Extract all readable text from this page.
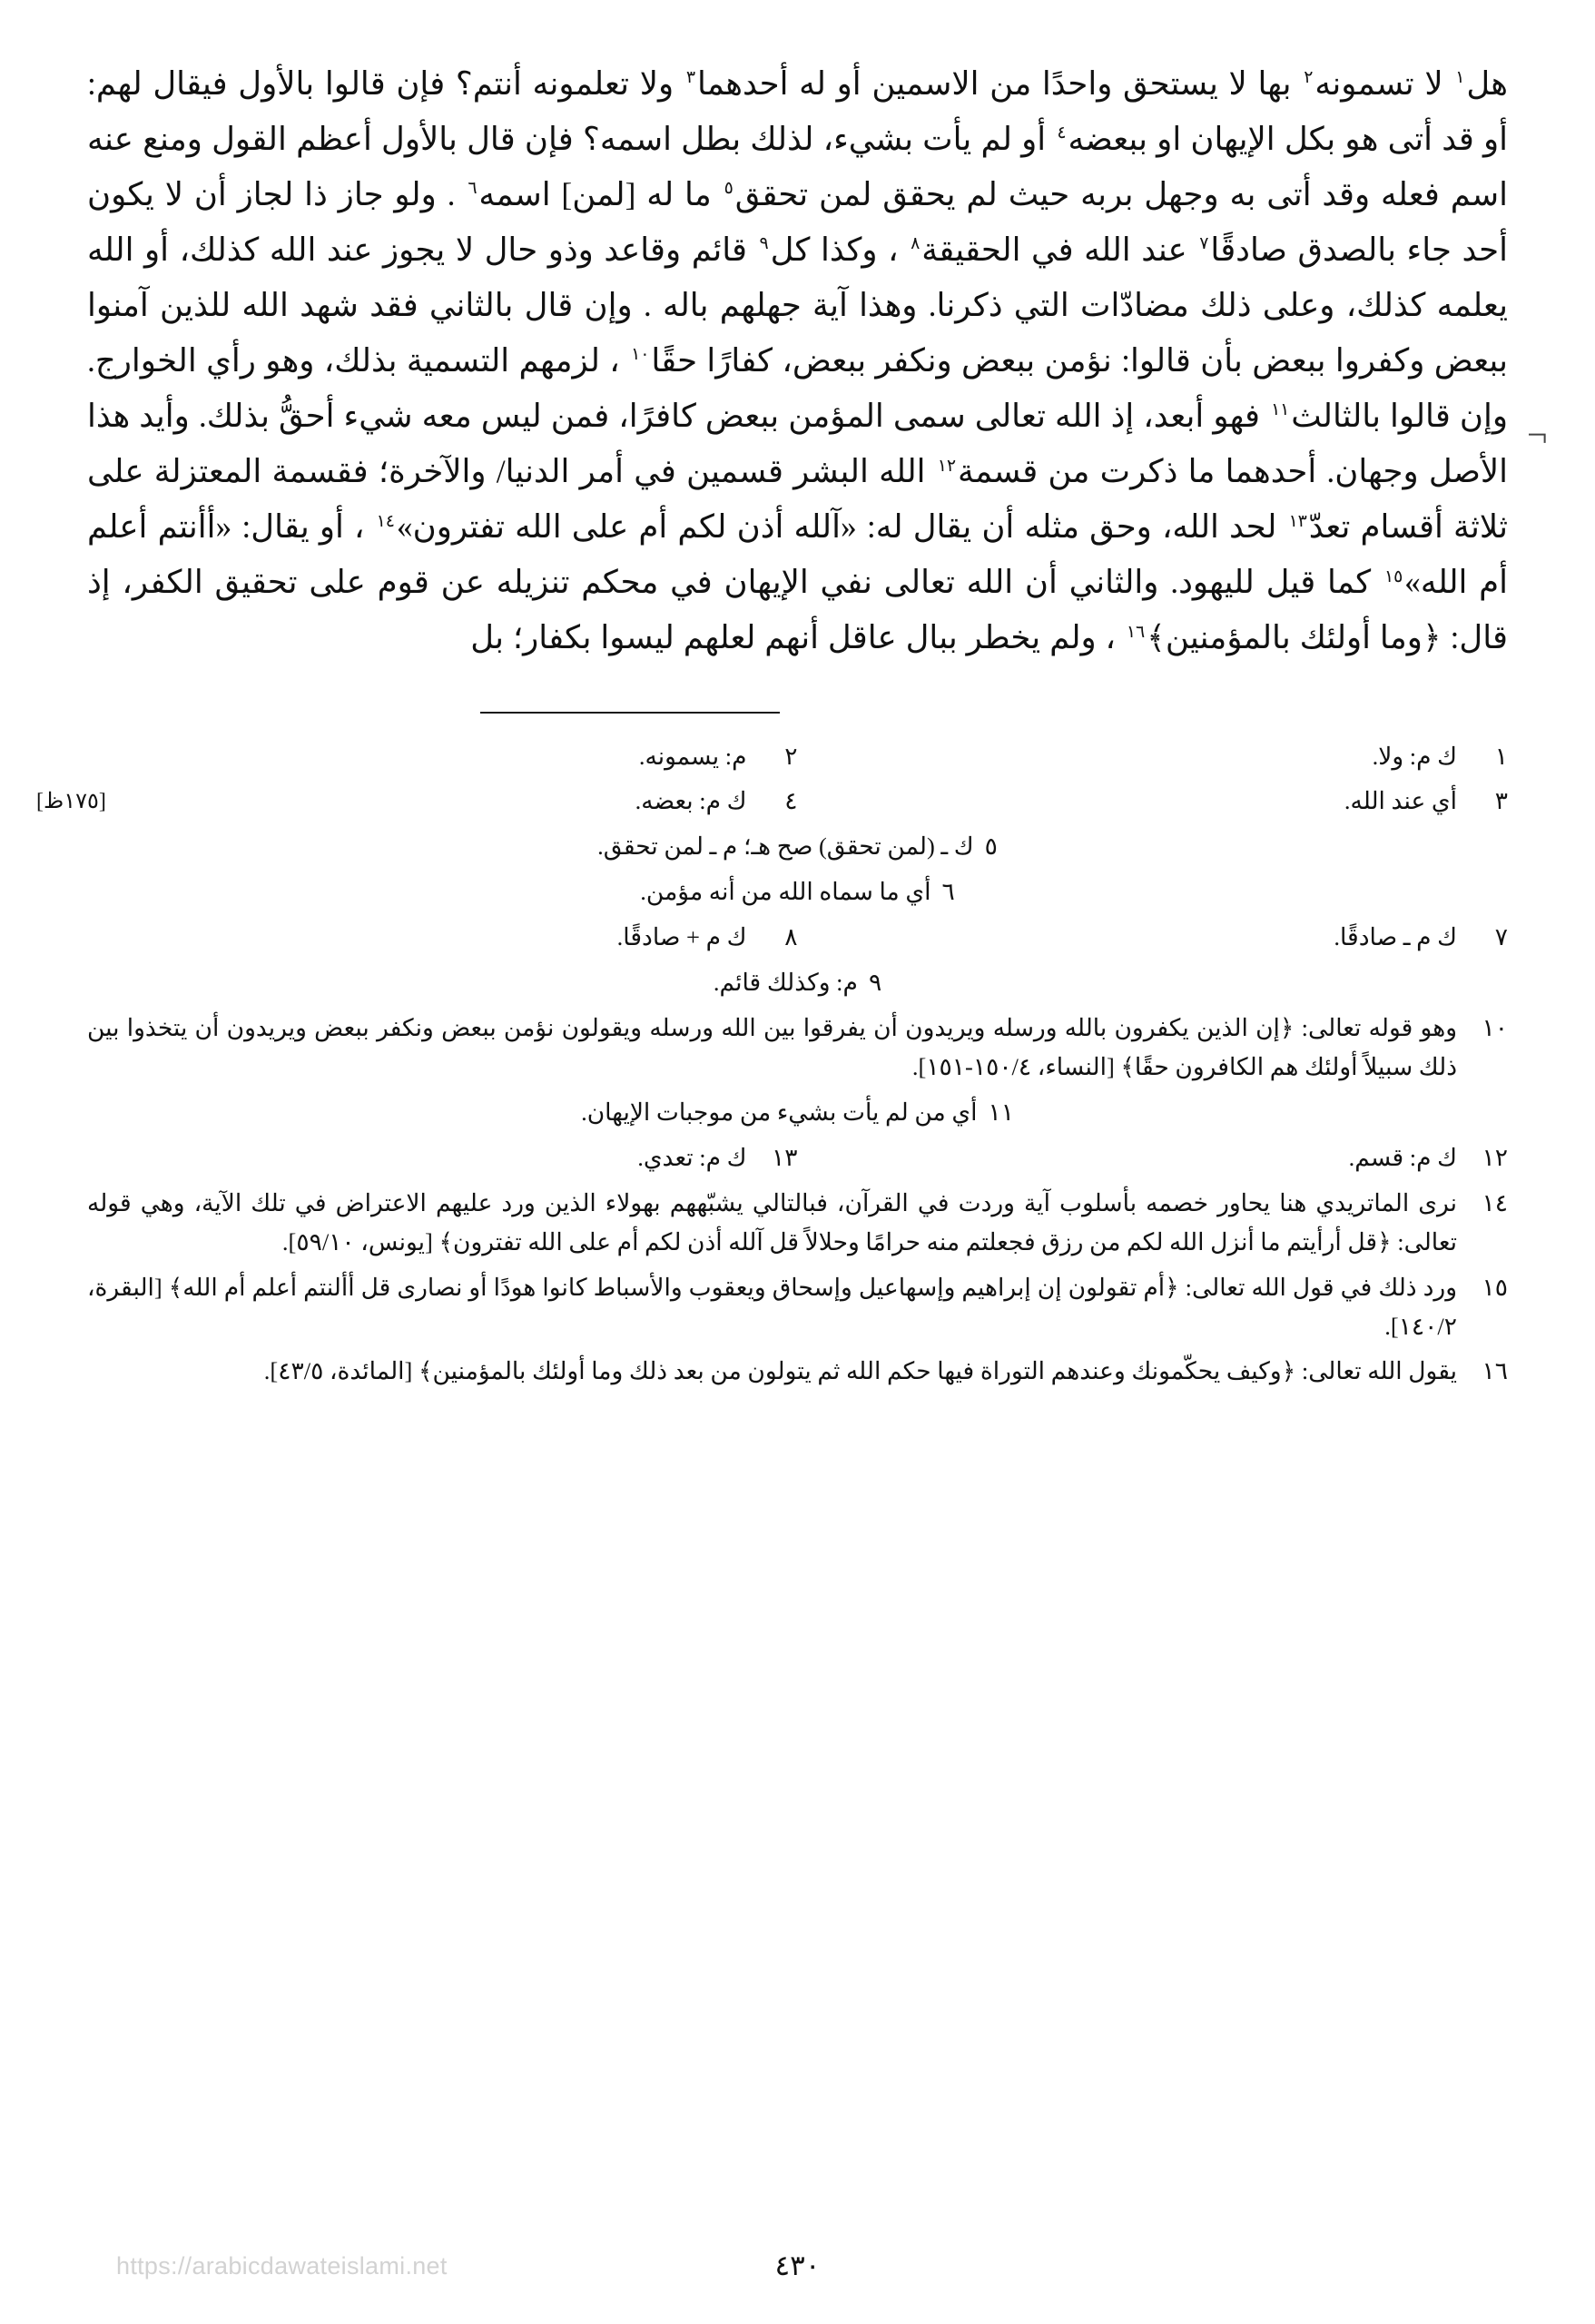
⌐
[١٧٥ظ]

هل$^١$ لا تسمونه$^٢$ بها لا يستحق واحدًا من الاسمين أو له أحدهما$^٣$ ولا تعلمونه أنتم؟ فإن قالوا بالأول فيقال لهم: أو قد أتى هو بكل الإيهان او ببعضه$^٤$ أو لم يأت بشيء، لذلك بطل اسمه؟ فإن قال بالأول أعظم القول ومنع عنه اسم فعله وقد أتى به وجهل بربه حيث لم يحقق لمن تحقق$^٥$ ما له [لمن] اسمه$^٦$ . ولو جاز ذا لجاز أن لا يكون أحد جاء بالصدق صادقًا$^٧$ عند الله في الحقيقة$^٨$ ، وكذا كل$^٩$ قائم وقاعد وذو حال لا يجوز عند الله كذلك، أو الله يعلمه كذلك، وعلى ذلك مضادّات التي ذكرنا. وهذا آية جهلهم باله . وإن قال بالثاني فقد شهد الله للذين آمنوا ببعض وكفروا ببعض بأن قالوا: نؤمن ببعض ونكفر ببعض، كفارًا حقًا$^{١٠}$ ، لزمهم التسمية بذلك، وهو رأي الخوارج. وإن قالوا بالثالث$^{١١}$ فهو أبعد، إذ الله تعالى سمى المؤمن ببعض كافرًا، فمن ليس معه شيء أحقُّ بذلك. وأيد هذا الأصل وجهان. أحدهما ما ذكرت من قسمة$^{١٢}$ الله البشر قسمين في أمر الدنيا/ والآخرة؛ فقسمة المعتزلة على ثلاثة أقسام تعدّ$^{١٣}$ لحد الله، وحق مثله أن يقال له: «آلله أذن لكم أم على الله تفترون»$^{١٤}$ ، أو يقال: «أأنتم أعلم أم الله»$^{١٥}$ كما قيل لليهود. والثاني أن الله تعالى نفي الإيهان في محكم تنزيله عن قوم على تحقيق الكفر، إذ قال: ﴿وما أولئك بالمؤمنين﴾$^{١٦}$ ، ولم يخطر ببال عاقل أنهم لعلهم ليسوا بكفار؛ بل

١
ك م: ولا.
٢
م: يسمونه.
٣
أي عند الله.
٤
ك م: بعضه.
٥ك ـ (لمن تحقق) صح هـ؛ م ـ لمن تحقق.
٦أي ما سماه الله من أنه مؤمن.
٧
ك م ـ صادقًا.
٨
ك م + صادقًا.
٩م: وكذلك قائم.
١٠
وهو قوله تعالى: ﴿إن الذين يكفرون بالله ورسله ويريدون أن يفرقوا بين الله ورسله ويقولون نؤمن ببعض ونكفر ببعض ويريدون أن يتخذوا بين ذلك سبيلاً أولئك هم الكافرون حقًا﴾ [النساء، ١٥٠/٤-١٥١].
١١أي من لم يأت بشيء من موجبات الإيهان.
١٢
ك م: قسم.
١٣
ك م: تعدي.
١٤
نرى الماتريدي هنا يحاور خصمه بأسلوب آية وردت في القرآن، فبالتالي يشبّههم بهولاء الذين ورد عليهم الاعتراض في تلك الآية، وهي قوله تعالى: ﴿قل أرأيتم ما أنزل الله لكم من رزق فجعلتم منه حرامًا وحلالاً قل آلله أذن لكم أم على الله تفترون﴾ [يونس، ٥٩/١٠].
١٥
ورد ذلك في قول الله تعالى: ﴿أم تقولون إن إبراهيم وإسهاعيل وإسحاق ويعقوب والأسباط كانوا هودًا أو نصارى قل أألنتم أعلم أم الله﴾ [البقرة، ١٤٠/٢].
١٦
يقول الله تعالى: ﴿وكيف يحكّمونك وعندهم التوراة فيها حكم الله ثم يتولون من بعد ذلك وما أولئك بالمؤمنين﴾ [المائدة، ٤٣/٥].
٤٣٠
https://arabicdawateislami.net
